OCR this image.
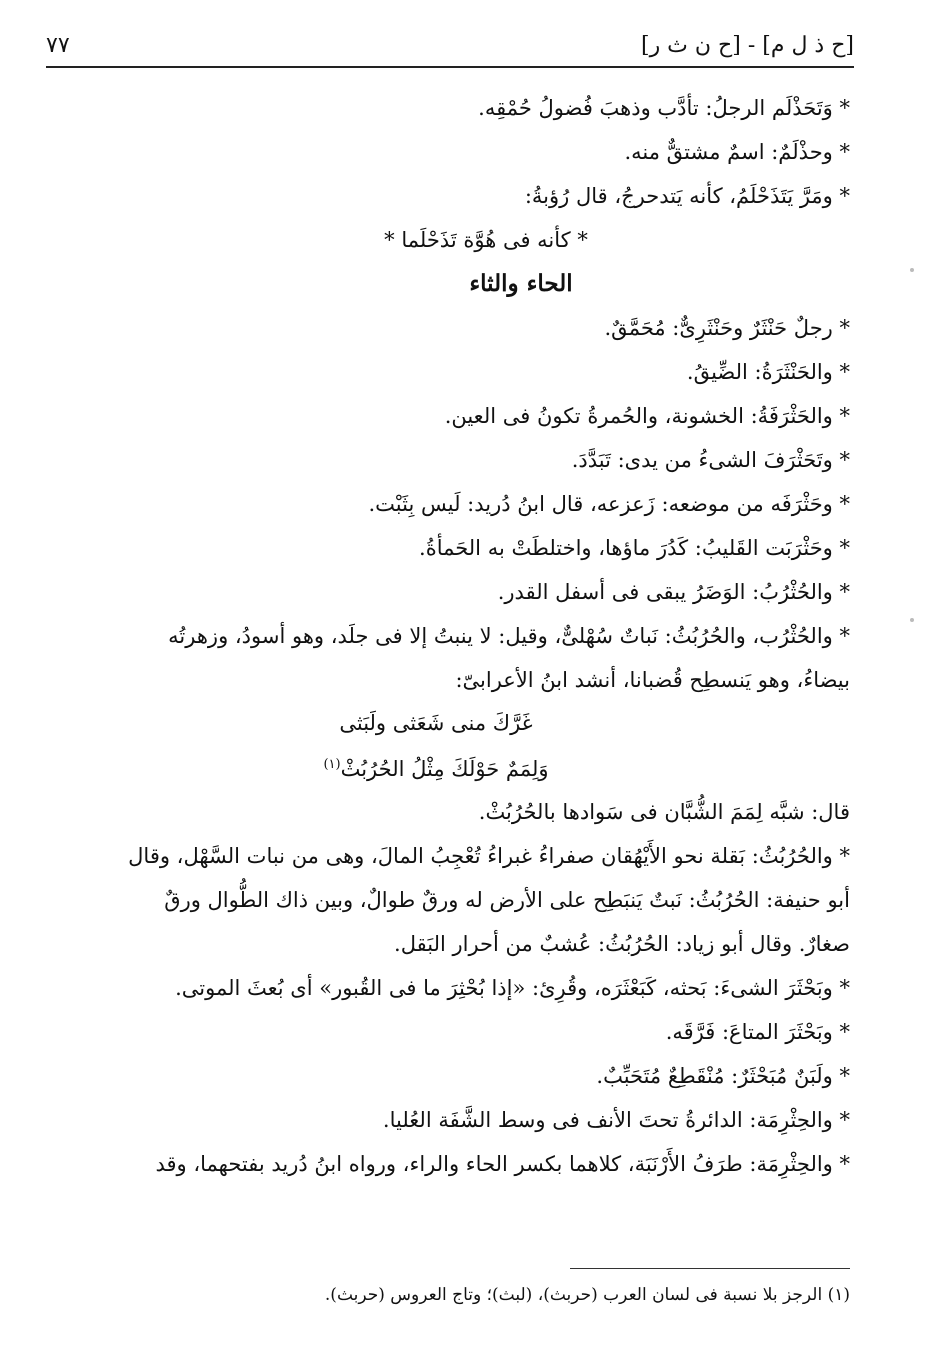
٧٧	[ح ذ ل م] - [ح ن ث ر]

* وَتَحَذْلَم الرجلُ: تأدَّب وذهبَ فُضولُ حُمْقِه.

* وحذْلَمٌ: اسمٌ مشتقٌّ منه.

* ومَرَّ يَتَذَحْلَمُ، كأنه يَتدحرجُ، قال رُؤبةُ:

* كأنه فى هُوَّة تَذَحْلَما *

الحاء والثاء

* رجلٌ حَنْثَرٌ وحَنْثَرِىٌّ: مُحَمَّقٌ.

* والحَنْثَرَةُ: الضِّيقُ.

* والحَثْرَفَةُ: الخشونة، والحُمرةُ تكونُ فى العين.

* وتَحَثْرَفَ الشىءُ من يدى: تَبَدَّدَ.

* وحَثْرَفَه من موضعه: زَعزعه، قال ابنُ دُريد: لَيس بِثَبْت.

* وحَثْرَبَت القَليبُ: كَدُرَ ماؤها، واختلطَتْ به الحَمأةُ.

* والحُثْرُبُ: الوَضَرُ يبقى فى أسفل القدر.

* والحُثْرُب، والحُرُبُثُ: نَباتٌ سُهْلىٌّ، وقيل: لا ينبتُ إلا فى جلَد، وهو أسودُ، وزهرتُه

بيضاءُ، وهو يَنسطِح قُضبانا، أنشد ابنُ الأعرابىّ:

غَرَّكَ منى شَعَثى ولَبَثى
وَلِمَمٌ حَوْلَكَ مِثْلُ الحُرُبُثْ$^{(١)}$

قال: شبَّه لِمَمَ الشُّبَّان فى سَوادها بالحُرُبُثْ.

* والحُرُبُثُ: بَقلة نحو الأَيْهُقان صفراءُ غبراءُ تُعْجِبُ المالَ، وهى من نبات السَّهْل، وقال

أبو حنيفة: الحُرُبُثُ: نَبتٌ يَنبَطِح على الأرض له ورقٌ طوالٌ، وبين ذاك الطُّوال ورقٌ

صغارٌ. وقال أبو زياد: الحُرُبُثُ: عُشبٌ من أحرار البَقل.

* وبَحْثَرَ الشىءَ: بَحثه، كَبَعْثَرَه، وقُرِئ: «إذا بُحْثِرَ ما فى القُبور» أى بُعثَ الموتى.

* وبَحْثَرَ المتاعَ: فَرَّقَه.

* ولَبَنٌ مُبَحْثَرٌ: مُنْقَطِعٌ مُتَحَبِّبٌ.

* والحِثْرِمَة: الدائرةُ تحتَ الأنف فى وسط الشَّفَة العُليا.

* والحِثْرِمَة: طرَفُ الأَرْنَبَة، كلاهما بكسر الحاء والراء، ورواه ابنُ دُريد بفتحهما، وقد

(١) الرجز بلا نسبة فى لسان العرب (حربث)، (لبث)؛ وتاج العروس (حربث).
